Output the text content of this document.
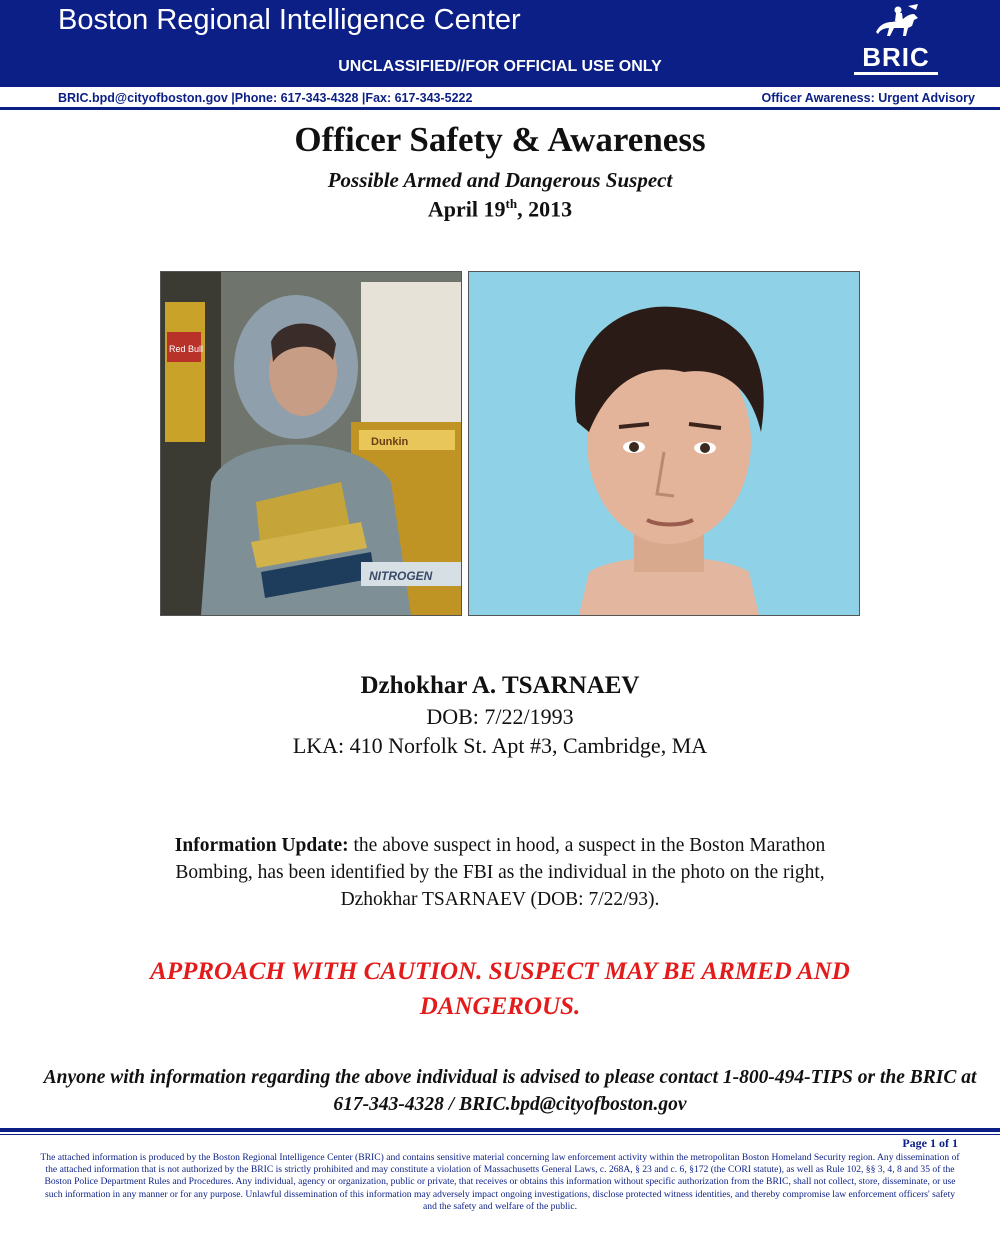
Boston Regional Intelligence Center
UNCLASSIFIED//FOR OFFICIAL USE ONLY	BRIC
BRIC.bpd@cityofboston.gov |Phone: 617-343-4328 |Fax: 617-343-5222	Officer Awareness: Urgent Advisory
Officer Safety & Awareness
Possible Armed and Dangerous Suspect
April 19th, 2013
Red Bull
Dunkin
NITROGEN
Dzhokhar A. TSARNAEV
DOB: 7/22/1993
LKA: 410 Norfolk St. Apt #3, Cambridge, MA
Information Update: the above suspect in hood, a suspect in the Boston Marathon Bombing, has been identified by the FBI as the individual in the photo on the right, Dzhokhar TSARNAEV (DOB: 7/22/93).
APPROACH WITH CAUTION. SUSPECT MAY BE ARMED AND DANGEROUS.
Anyone with information regarding the above individual is advised to please contact 1-800-494-TIPS or the BRIC at 617-343-4328 / BRIC.bpd@cityofboston.gov
Page 1 of 1
The attached information is produced by the Boston Regional Intelligence Center (BRIC) and contains sensitive material concerning law enforcement activity within the metropolitan Boston Homeland Security region. Any dissemination of the attached information that is not authorized by the BRIC is strictly prohibited and may constitute a violation of Massachusetts General Laws, c. 268A, § 23 and c. 6, §172 (the CORI statute), as well as Rule 102, §§ 3, 4, 8 and 35 of the Boston Police Department Rules and Procedures. Any individual, agency or organization, public or private, that receives or obtains this information without specific authorization from the BRIC, shall not collect, store, disseminate, or use such information in any manner or for any purpose. Unlawful dissemination of this information may adversely impact ongoing investigations, disclose protected witness identities, and thereby compromise law enforcement officers' safety and the safety and welfare of the public.
